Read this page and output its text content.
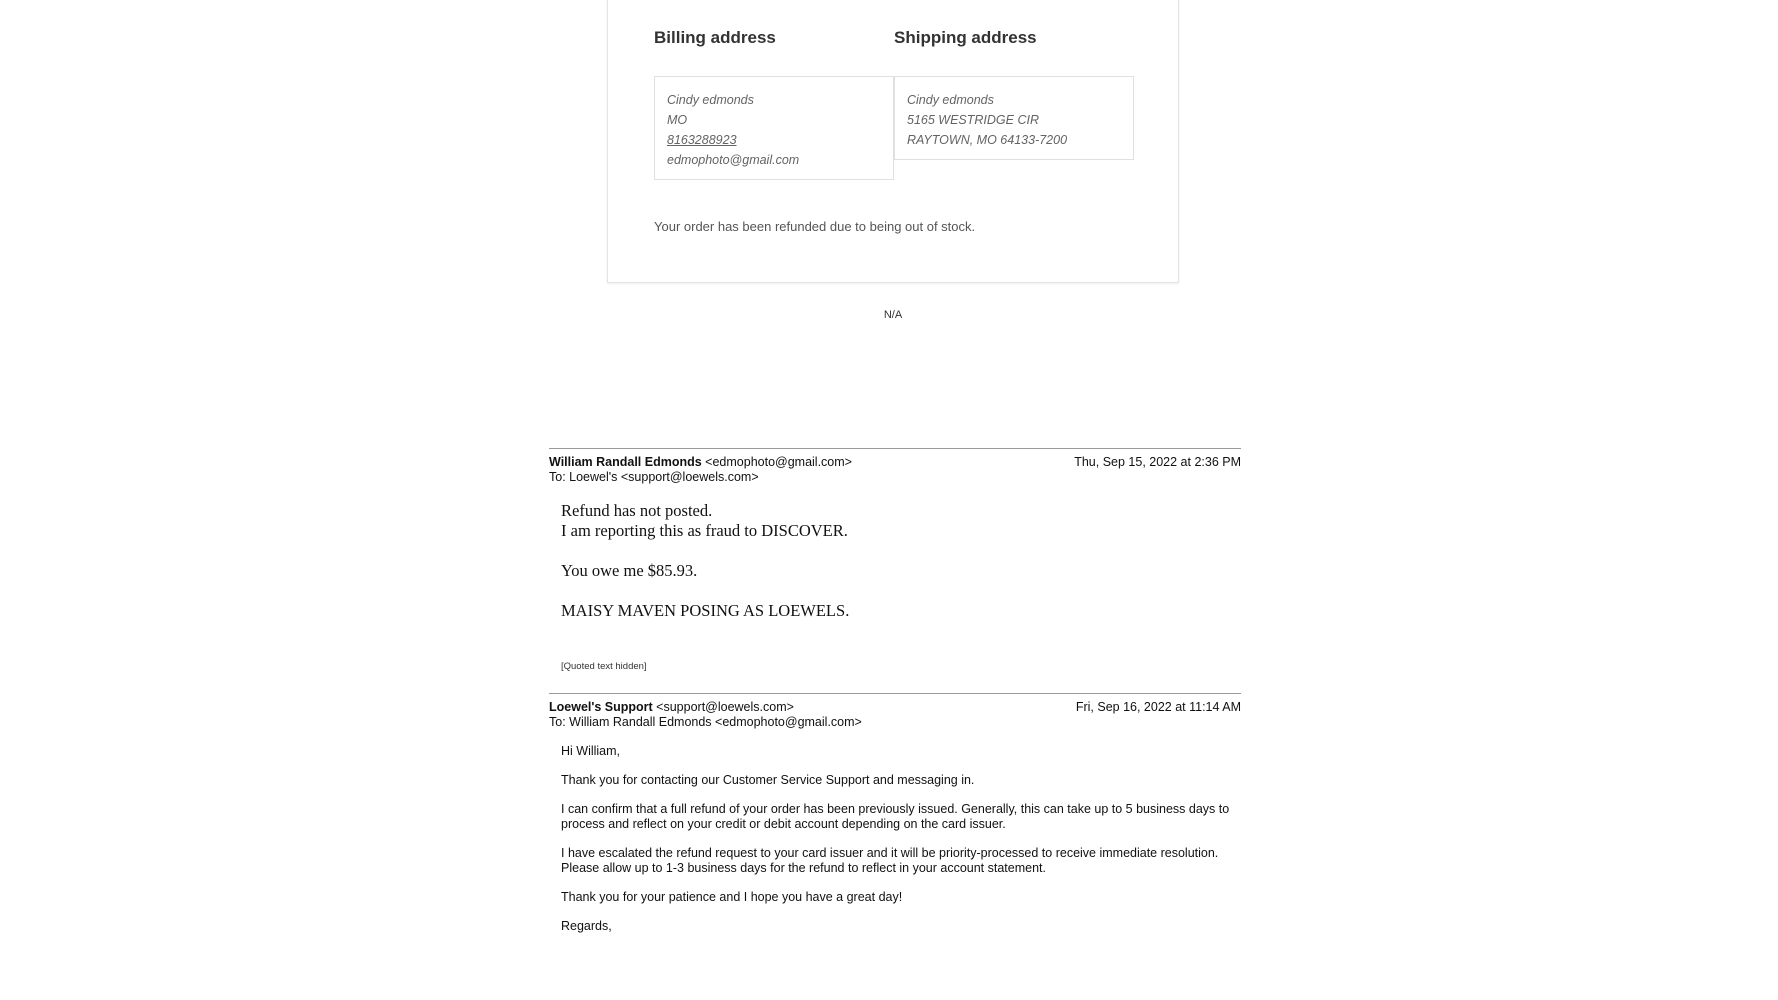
Billing address	Shipping address
Cindy edmonds
MO
8163288923
edmophoto@gmail.com
Cindy edmonds
5165 WESTRIDGE CIR
RAYTOWN, MO 64133-7200
Your order has been refunded due to being out of stock.
N/A
William Randall Edmonds <edmophoto@gmail.com>	Thu, Sep 15, 2022 at 2:36 PM
To: Loewel's <support@loewels.com>
Refund has not posted.
I am reporting this as fraud to DISCOVER.
You owe me $85.93.
MAISY MAVEN POSING AS LOEWELS.
[Quoted text hidden]
Loewel's Support <support@loewels.com>	Fri, Sep 16, 2022 at 11:14 AM
To: William Randall Edmonds <edmophoto@gmail.com>

Hi William,

Thank you for contacting our Customer Service Support and messaging in.

I can confirm that a full refund of your order has been previously issued. Generally, this can take up to 5 business days to process and reflect on your credit or debit account depending on the card issuer.

I have escalated the refund request to your card issuer and it will be priority-processed to receive immediate resolution. Please allow up to 1-3 business days for the refund to reflect in your account statement.

Thank you for your patience and I hope you have a great day!

Regards,
